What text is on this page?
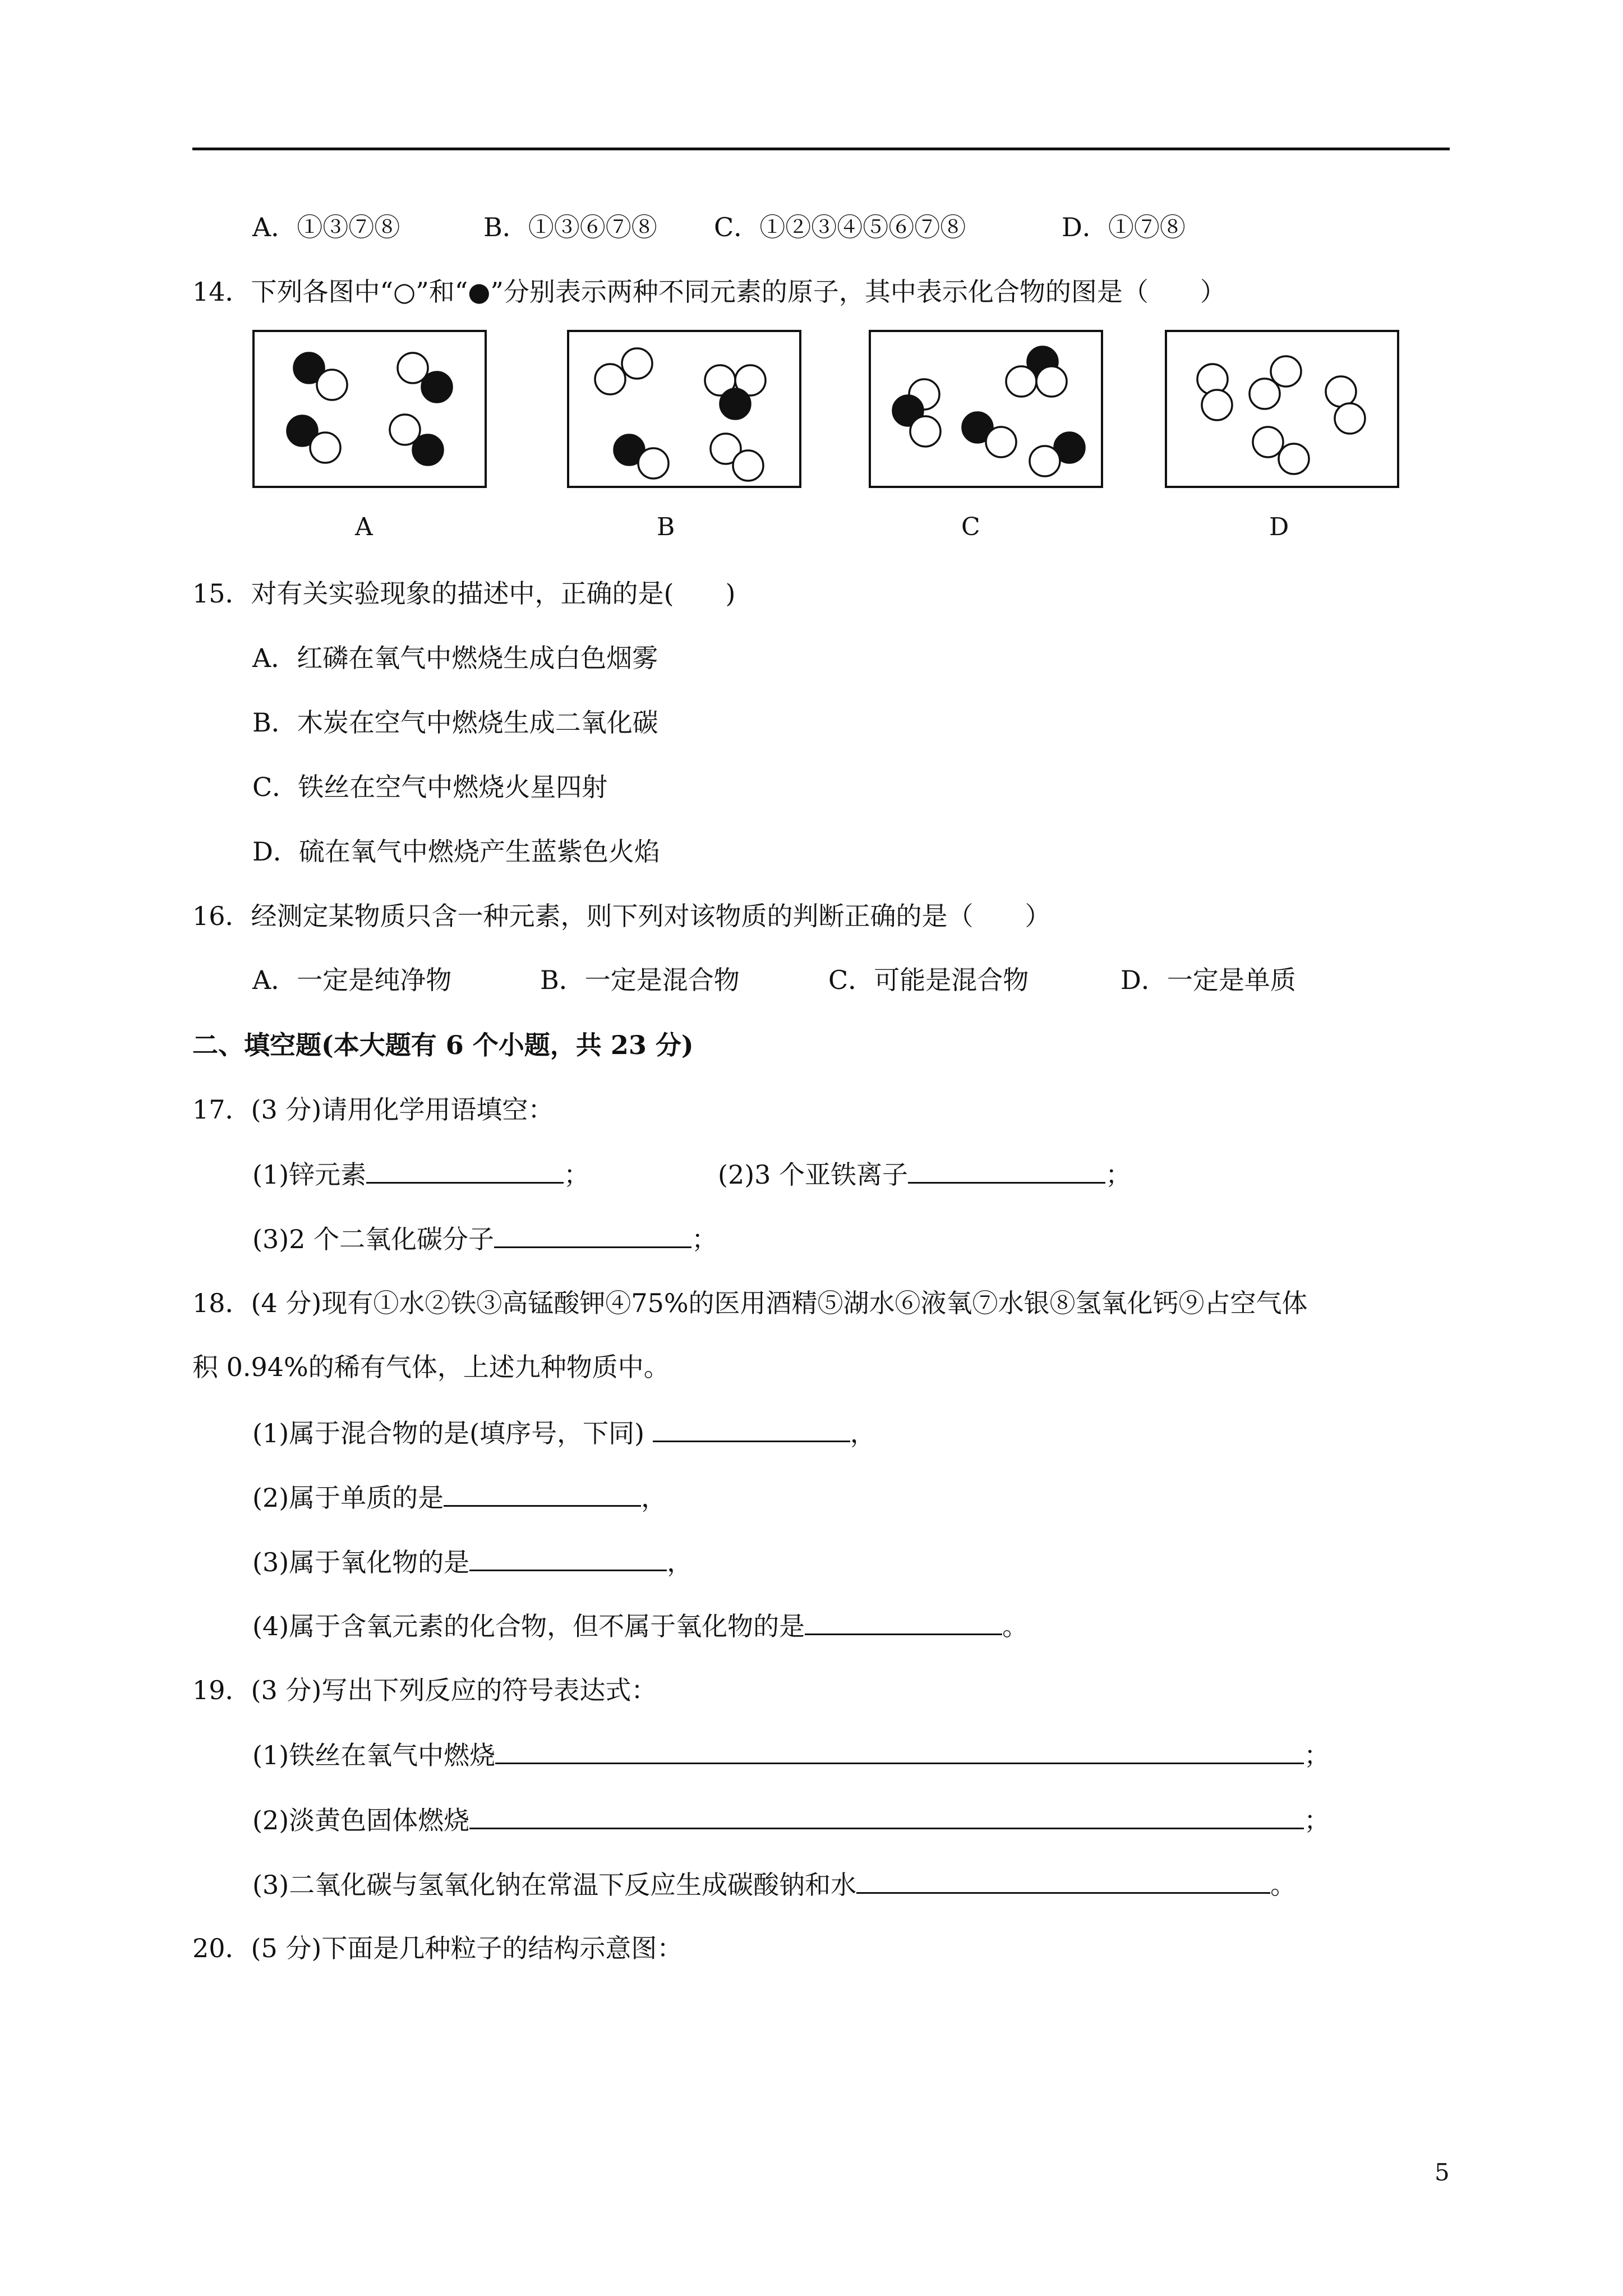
A．①③⑦⑧	B．①③⑥⑦⑧ C．①②③④⑤⑥⑦⑧	D．①⑦⑧
14．下列各图中“○”和“●”分别表示两种不同元素的原子，其中表示化合物的图是（　　）
A	B	C	D
15．对有关实验现象的描述中，正确的是(　　)
A．红磷在氧气中燃烧生成白色烟雾
B．木炭在空气中燃烧生成二氧化碳
C．铁丝在空气中燃烧火星四射
D．硫在氧气中燃烧产生蓝紫色火焰
16．经测定某物质只含一种元素，则下列对该物质的判断正确的是（　　）
A．一定是纯净物	B．一定是混合物	C．可能是混合物	D．一定是单质
二、填空题(本大题有 6 个小题，共 23 分)
17．(3 分)请用化学用语填空：
(1)锌元素	；	(2)3 个亚铁离子	；
(3)2 个二氧化碳分子	；
18．(4 分)现有①水②铁③高锰酸钾④75%的医用酒精⑤湖水⑥液氧⑦水银⑧氢氧化钙⑨占空气体
积 0.94%的稀有气体，上述九种物质中。
(1)属于混合物的是(填序号，下同)	，
(2)属于单质的是	，
(3)属于氧化物的是	，
(4)属于含氧元素的化合物，但不属于氧化物的是	。
19．(3 分)写出下列反应的符号表达式：
(1)铁丝在氧气中燃烧	；
(2)淡黄色固体燃烧	；
(3)二氧化碳与氢氧化钠在常温下反应生成碳酸钠和水	。
20．(5 分)下面是几种粒子的结构示意图：
5
